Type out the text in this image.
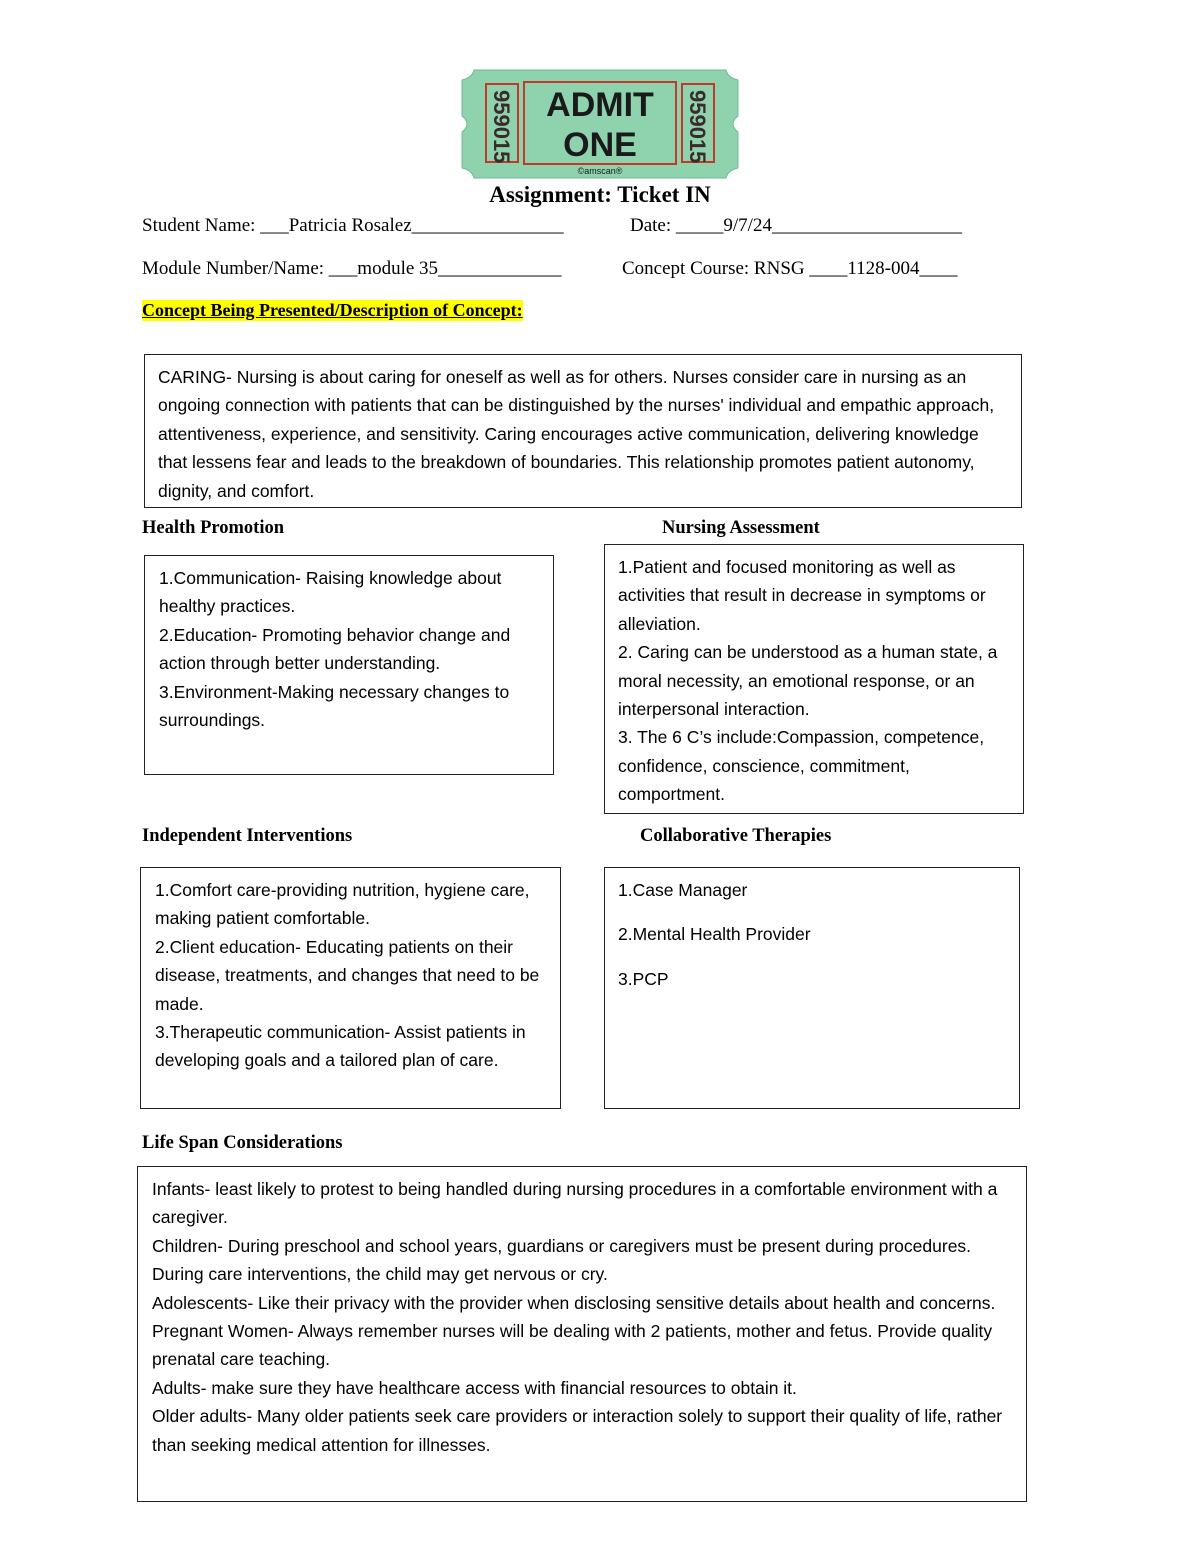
959015	959015
ADMIT
ONE
©amscan®
Assignment: Ticket IN
Student Name: ___Patricia Rosalez________________	Date: _____9/7/24____________________
Module Number/Name: ___module 35_____________	Concept Course: RNSG ____1128-004____
Concept Being Presented/Description of Concept:

CARING- Nursing is about caring for oneself as well as for others. Nurses consider care in nursing as an ongoing connection with patients that can be distinguished by the nurses' individual and empathic approach, attentiveness, experience, and sensitivity. Caring encourages active communication, delivering knowledge that lessens fear and leads to the breakdown of boundaries. This relationship promotes patient autonomy, dignity, and comfort.

Health Promotion

1.Communication- Raising knowledge about healthy practices.

2.Education- Promoting behavior change and action through better understanding.

3.Environment-Making necessary changes to surroundings.

Nursing Assessment

1.Patient and focused monitoring as well as activities that result in decrease in symptoms or alleviation.

2. Caring can be understood as a human state, a moral necessity, an emotional response, or an interpersonal interaction.

3. The 6 C’s include:Compassion, competence, confidence, conscience, commitment, comportment.

Independent Interventions

1.Comfort care-providing nutrition, hygiene care, making patient comfortable.

2.Client education- Educating patients on their disease, treatments, and changes that need to be made.

3.Therapeutic communication- Assist patients in developing goals and a tailored plan of care.

Collaborative Therapies

1.Case Manager

2.Mental Health Provider

3.PCP

Life Span Considerations

Infants- least likely to protest to being handled during nursing procedures in a comfortable environment with a caregiver.

Children- During preschool and school years, guardians or caregivers must be present during procedures. During care interventions, the child may get nervous or cry.

Adolescents- Like their privacy with the provider when disclosing sensitive details about health and concerns.

Pregnant Women- Always remember nurses will be dealing with 2 patients, mother and fetus. Provide quality prenatal care teaching.

Adults- make sure they have healthcare access with financial resources to obtain it.

Older adults- Many older patients seek care providers or interaction solely to support their quality of life, rather than seeking medical attention for illnesses.
